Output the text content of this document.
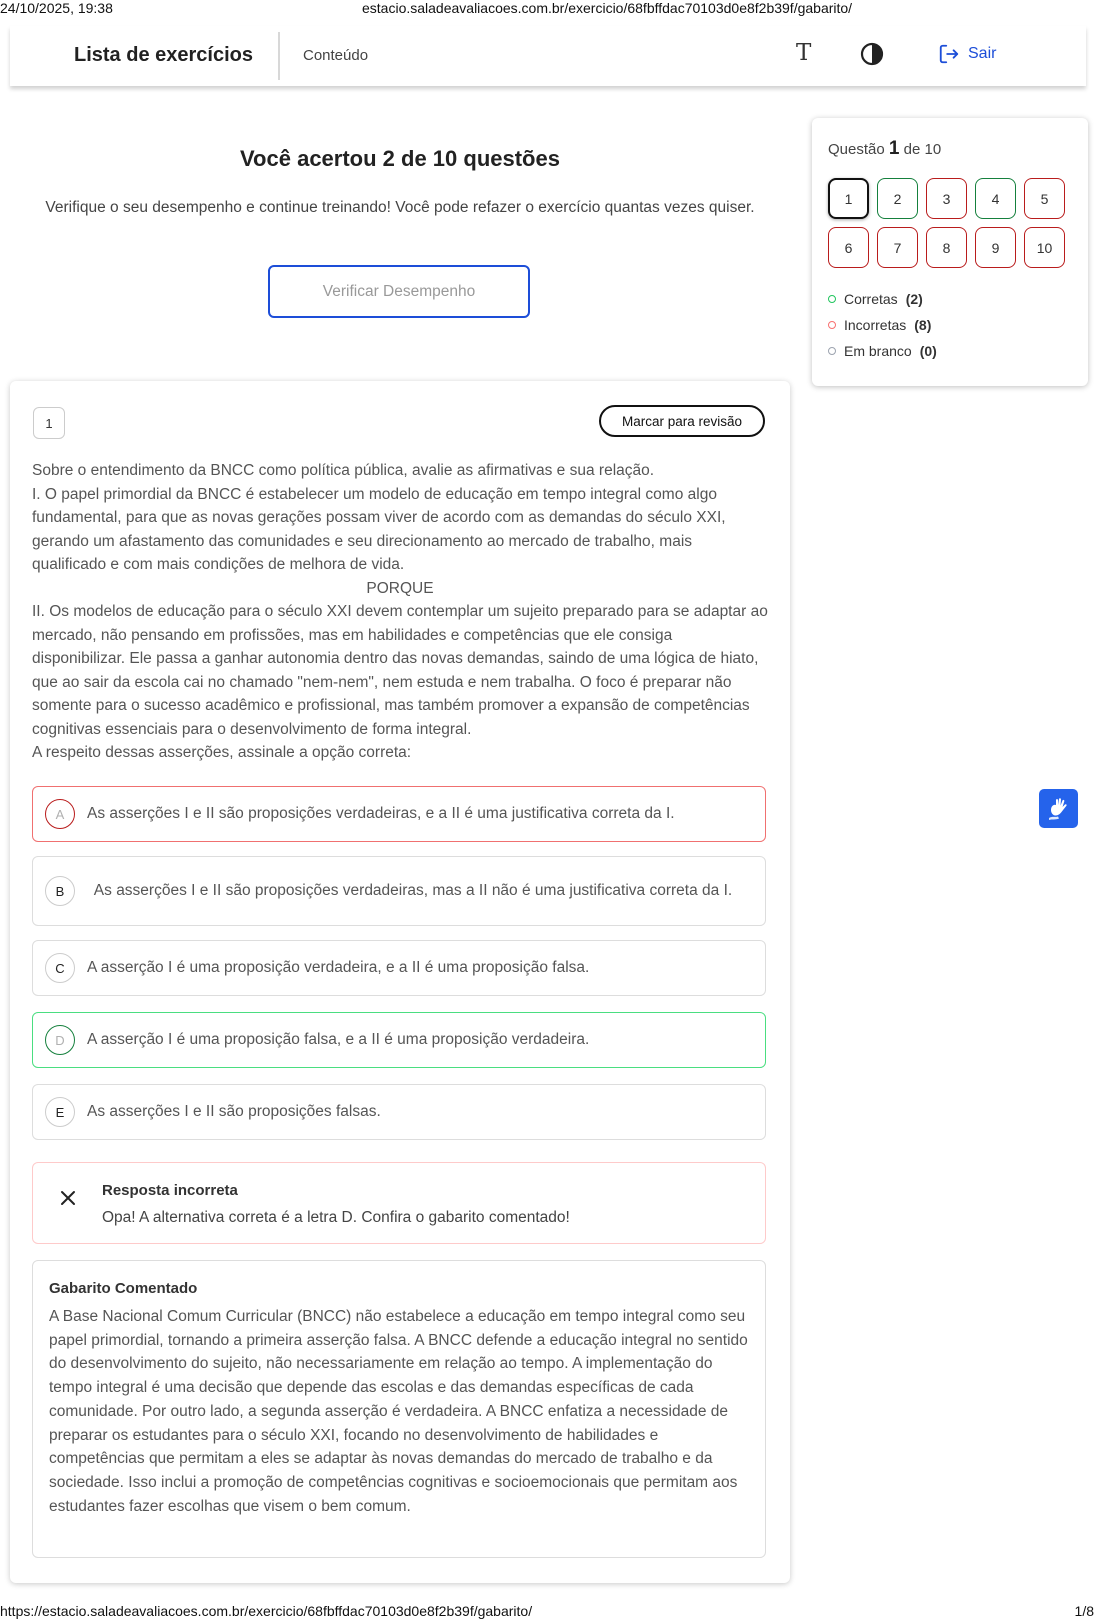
24/10/2025, 19:38	estacio.saladeavaliacoes.com.br/exercicio/68fbffdac70103d0e8f2b39f/gabarito/
Lista de exercícios	Conteúdo	T	Sair
Você acertou 2 de 10 questões
Verifique o seu desempenho e continue treinando! Você pode refazer o exercício quantas vezes quiser.
Verificar Desempenho
Questão 1 de 10
1	2	3	4	5
6	7	8	9	10
Corretas (2)
Incorretas (8)
Em branco (0)
1	Marcar para revisão
Sobre o entendimento da BNCC como política pública, avalie as afirmativas e sua relação.
I. O papel primordial da BNCC é estabelecer um modelo de educação em tempo integral como algo fundamental, para que as novas gerações possam viver de acordo com as demandas do século XXI, gerando um afastamento das comunidades e seu direcionamento ao mercado de trabalho, mais qualificado e com mais condições de melhora de vida.
PORQUE
II. Os modelos de educação para o século XXI devem contemplar um sujeito preparado para se adaptar ao mercado, não pensando em profissões, mas em habilidades e competências que ele consiga disponibilizar. Ele passa a ganhar autonomia dentro das novas demandas, saindo de uma lógica de hiato, que ao sair da escola cai no chamado "nem-nem", nem estuda e nem trabalha. O foco é preparar não somente para o sucesso acadêmico e profissional, mas também promover a expansão de competências cognitivas essenciais para o desenvolvimento de forma integral.
A respeito dessas asserções, assinale a opção correta:
A	As asserções I e II são proposições verdadeiras, e a II é uma justificativa correta da I.
B	As asserções I e II são proposições verdadeiras, mas a II não é uma justificativa correta da I.
C	A asserção I é uma proposição verdadeira, e a II é uma proposição falsa.
D	A asserção I é uma proposição falsa, e a II é uma proposição verdadeira.
E	As asserções I e II são proposições falsas.
Resposta incorreta
Opa! A alternativa correta é a letra D. Confira o gabarito comentado!
Gabarito Comentado
A Base Nacional Comum Curricular (BNCC) não estabelece a educação em tempo integral como seu papel primordial, tornando a primeira asserção falsa. A BNCC defende a educação integral no sentido do desenvolvimento do sujeito, não necessariamente em relação ao tempo. A implementação do tempo integral é uma decisão que depende das escolas e das demandas específicas de cada comunidade. Por outro lado, a segunda asserção é verdadeira. A BNCC enfatiza a necessidade de preparar os estudantes para o século XXI, focando no desenvolvimento de habilidades e competências que permitam a eles se adaptar às novas demandas do mercado de trabalho e da sociedade. Isso inclui a promoção de competências cognitivas e socioemocionais que permitam aos estudantes fazer escolhas que visem o bem comum.
https://estacio.saladeavaliacoes.com.br/exercicio/68fbffdac70103d0e8f2b39f/gabarito/	1/8
